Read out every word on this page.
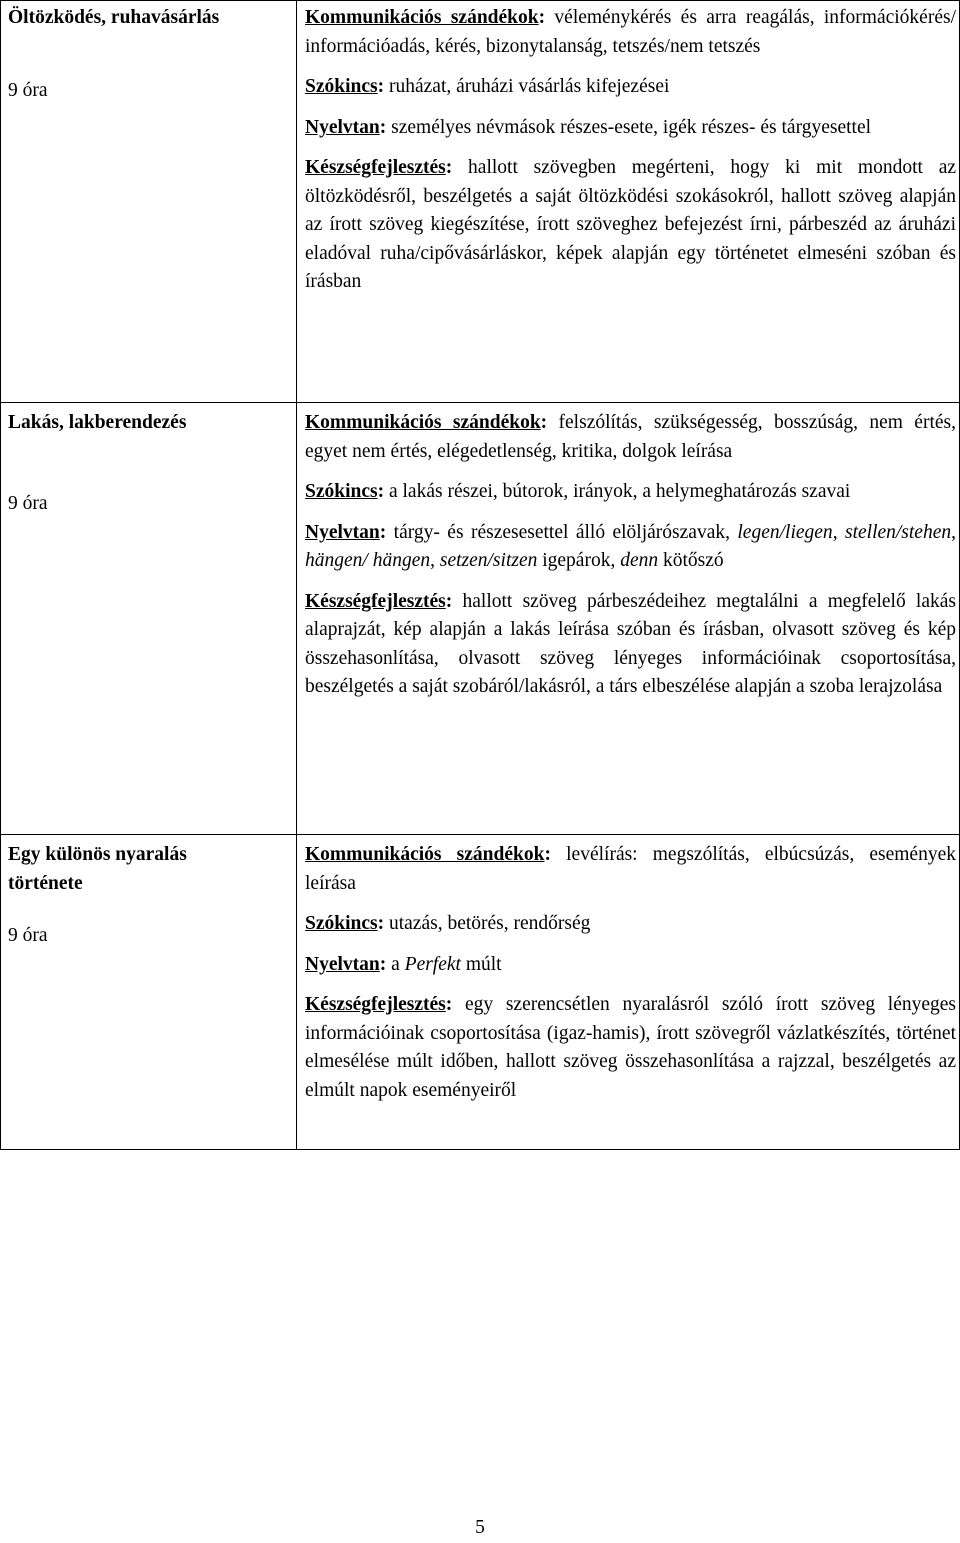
Öltözködés, ruhavásárlás
9 óra

Kommunikációs szándékok: véleménykérés és arra reagálás, információkérés/ információadás, kérés, bizonytalanság, tetszés/nem tetszés

Szókincs: ruházat, áruházi vásárlás kifejezései

Nyelvtan: személyes névmások részes-esete, igék részes- és tárgyesettel

Készségfejlesztés: hallott szövegben megérteni, hogy ki mit mondott az öltözködésről, beszélgetés a saját öltözködési szokásokról, hallott szöveg alapján az írott szöveg kiegészítése, írott szöveghez befejezést írni, párbeszéd az áruházi eladóval ruha/cipővásárláskor, képek alapján egy történetet elmeséni szóban és írásban

Lakás, lakberendezés
9 óra

Kommunikációs szándékok: felszólítás, szükségesség, bosszúság, nem értés, egyet nem értés, elégedetlenség, kritika, dolgok leírása

Szókincs: a lakás részei, bútorok, irányok, a helymeghatározás szavai

Nyelvtan: tárgy- és részesesettel álló elöljárószavak, legen/liegen, stellen/stehen, hängen/ hängen, setzen/sitzen igepárok, denn kötőszó

Készségfejlesztés: hallott szöveg párbeszédeihez megtalálni a megfelelő lakás alaprajzát, kép alapján a lakás leírása szóban és írásban, olvasott szöveg és kép összehasonlítása, olvasott szöveg lényeges információinak csoportosítása, beszélgetés a saját szobáról/lakásról, a társ elbeszélése alapján a szoba lerajzolása

Egy különös nyaralás története
9 óra

Kommunikációs szándékok: levélírás: megszólítás, elbúcsúzás, események leírása

Szókincs: utazás, betörés, rendőrség

Nyelvtan: a Perfekt múlt

Készségfejlesztés: egy szerencsétlen nyaralásról szóló írott szöveg lényeges információinak csoportosítása (igaz-hamis), írott szövegről vázlatkészítés, történet elmesélése múlt időben, hallott szöveg összehasonlítása a rajzzal, beszélgetés az elmúlt napok eseményeiről

5
